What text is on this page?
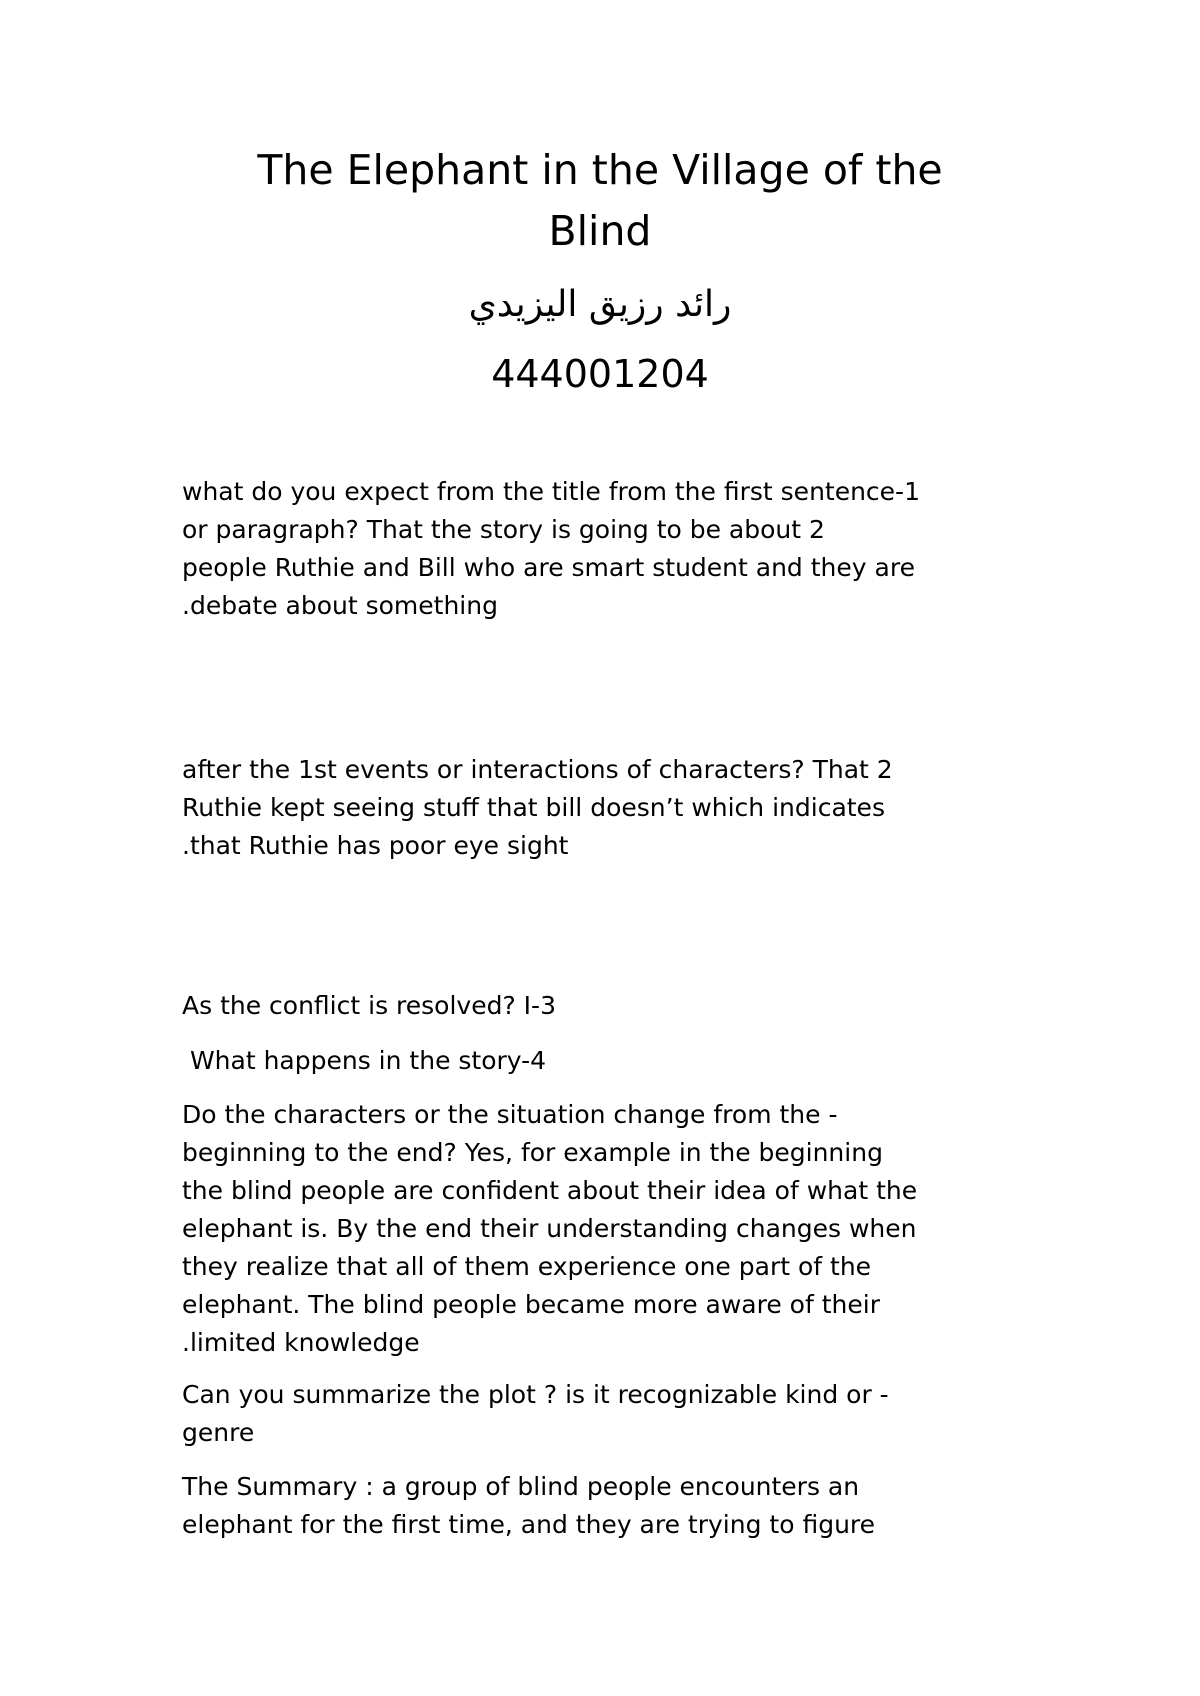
The Elephant in the Village of the
Blind

رائد رزيق اليزيدي

444001204

what do you expect from the title from the first sentence-1
or paragraph? That the story is going to be about 2
people Ruthie and Bill who are smart student and they are
.debate about something

after the 1st events or interactions of characters? That 2
Ruthie kept seeing stuff that bill doesn’t which indicates
.that Ruthie has poor eye sight

As the conflict is resolved? I-3

What happens in the story-4

Do the characters or the situation change from the -
beginning to the end? Yes, for example in the beginning
the blind people are confident about their idea of what the
elephant is. By the end their understanding changes when
they realize that all of them experience one part of the
elephant. The blind people became more aware of their
.limited knowledge

Can you summarize the plot ? is it recognizable kind or -
genre

The Summary : a group of blind people encounters an
elephant for the first time, and they are trying to figure
